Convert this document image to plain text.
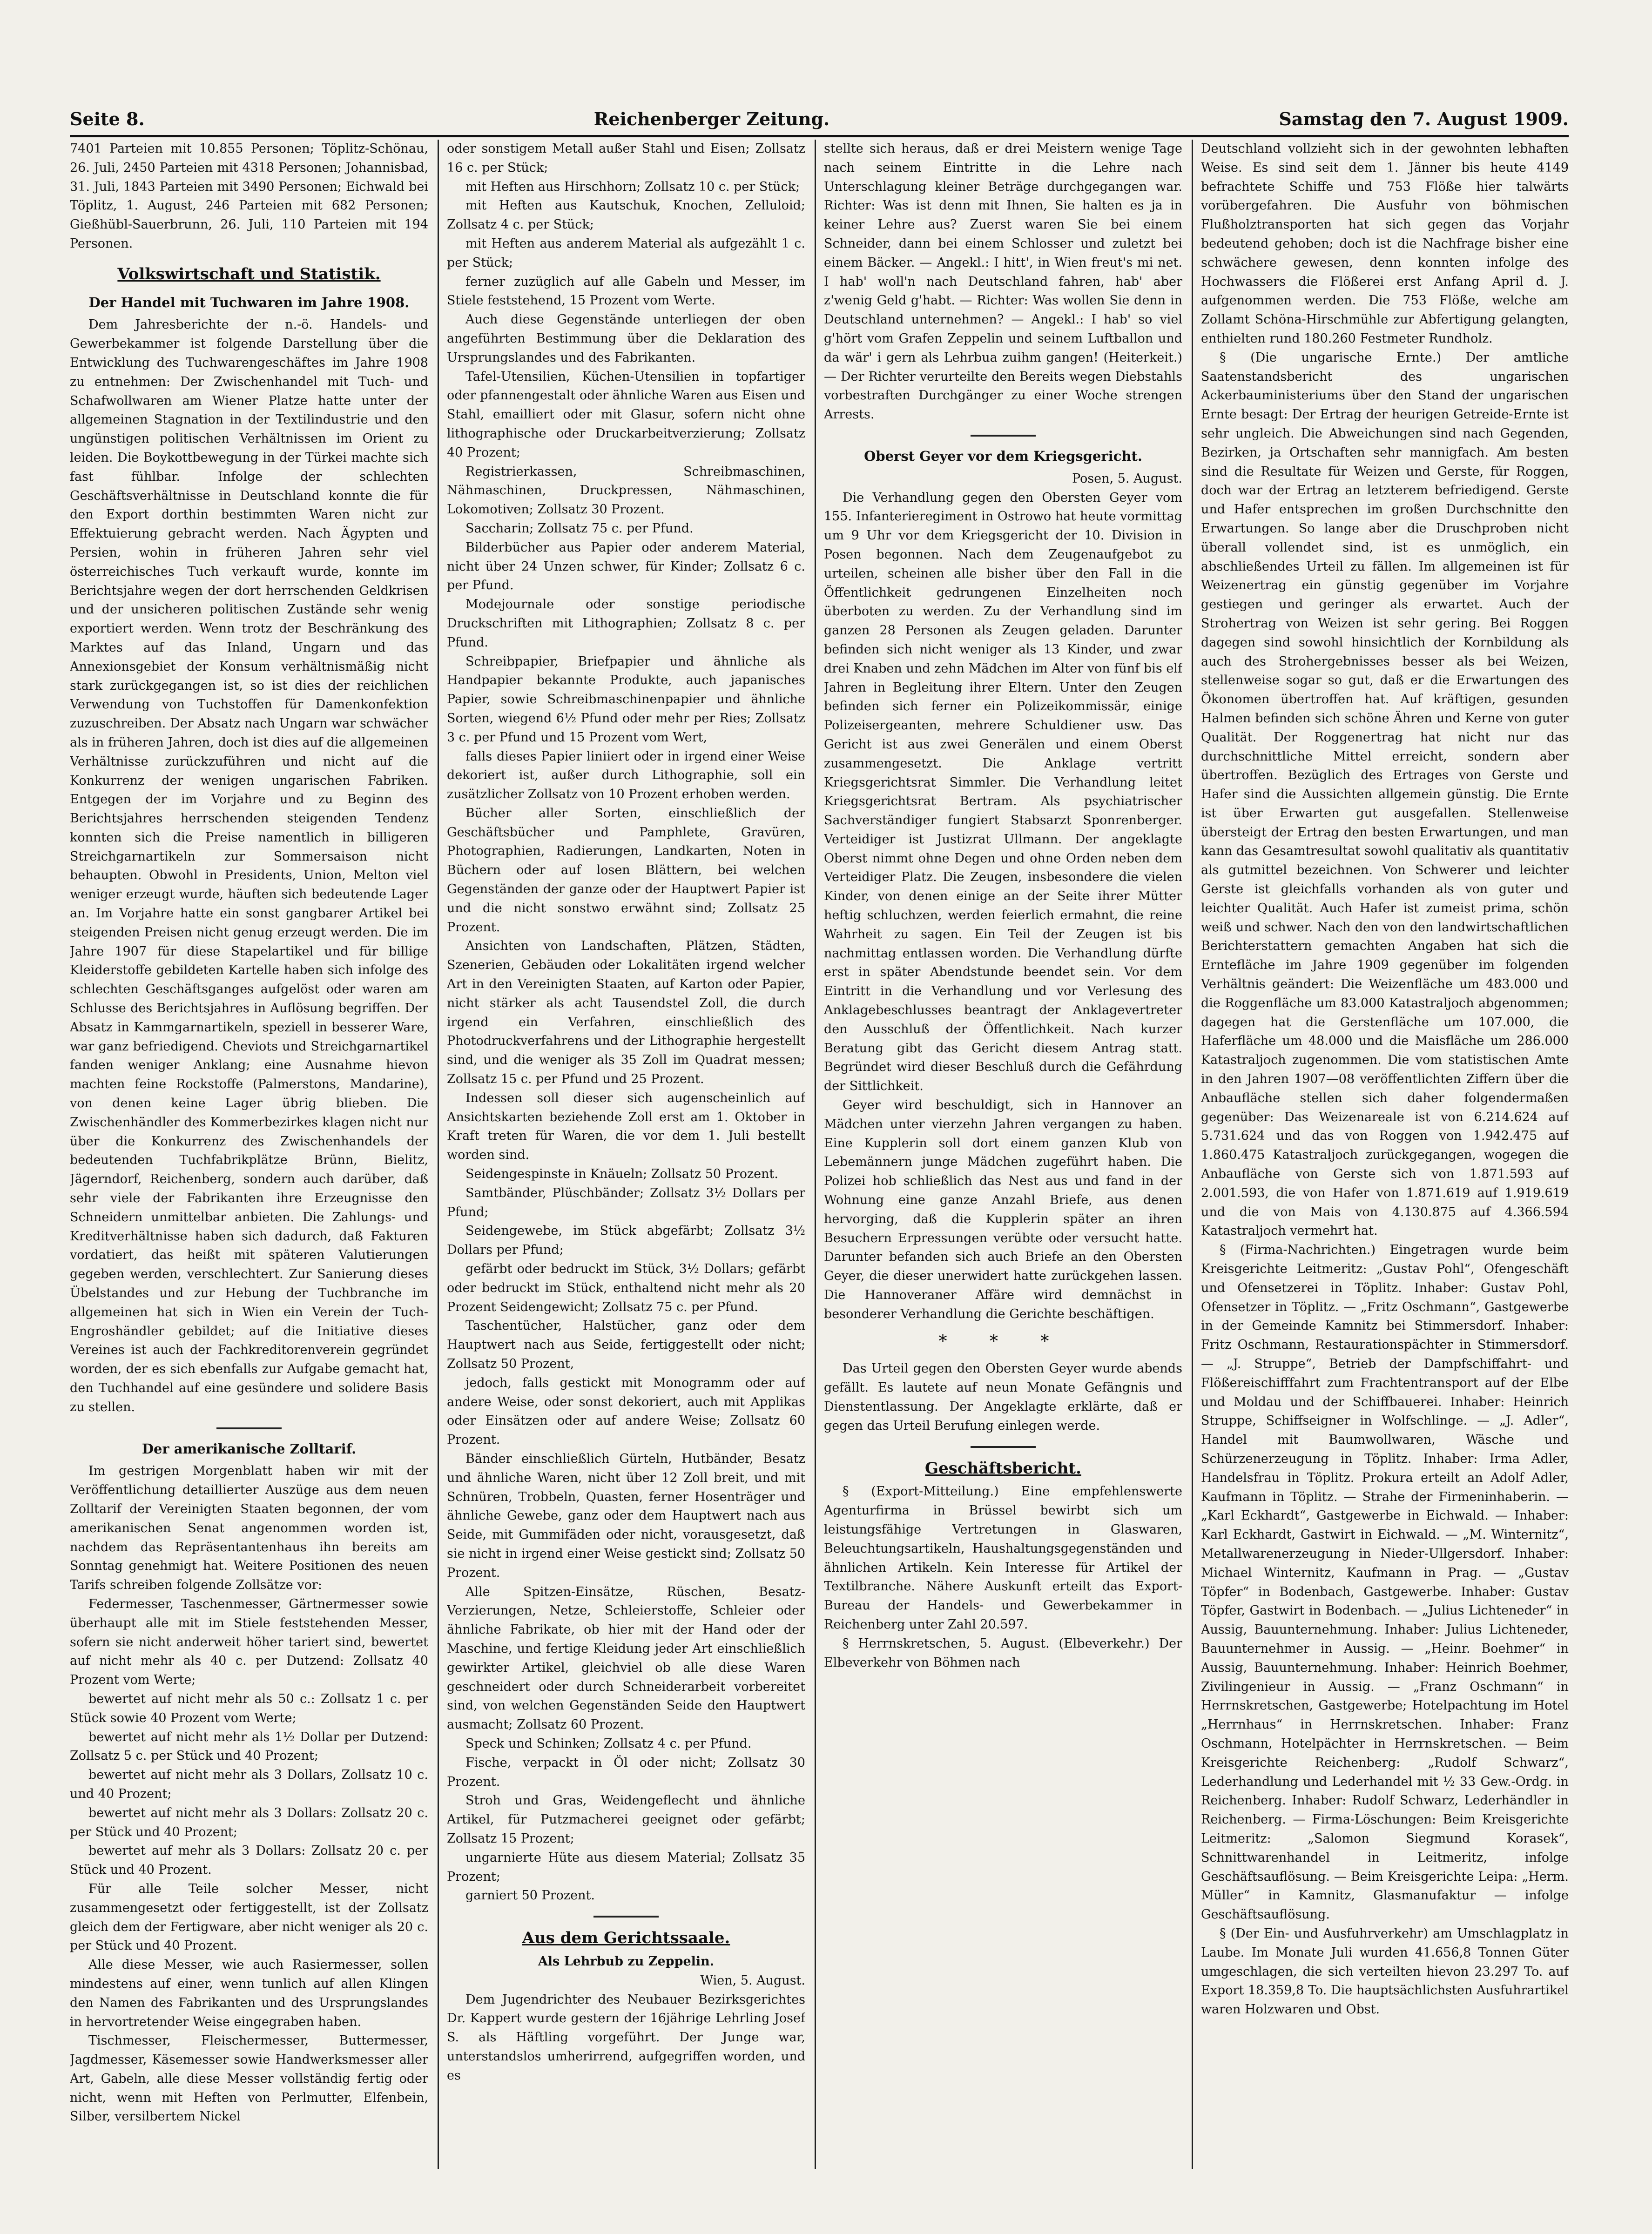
Seite 8.	Reichenberger Zeitung.	Samstag den 7. August 1909.

7401 Parteien mit 10.855 Personen; Töplitz-Schönau, 26. Juli, 2450 Parteien mit 4318 Personen; Johannisbad, 31. Juli, 1843 Parteien mit 3490 Personen; Eichwald bei Töplitz, 1. August, 246 Parteien mit 682 Personen; Gießhübl-Sauerbrunn, 26. Juli, 110 Parteien mit 194 Personen.

Volkswirtschaft und Statistik.
Der Handel mit Tuchwaren im Jahre 1908.

Dem Jahresberichte der n.-ö. Handels- und Gewerbekammer ist folgende Darstellung über die Entwicklung des Tuchwarengeschäftes im Jahre 1908 zu entnehmen: Der Zwischenhandel mit Tuch- und Schafwollwaren am Wiener Platze hatte unter der allgemeinen Stagnation in der Textilindustrie und den ungünstigen politischen Verhältnissen im Orient zu leiden. Die Boykottbewegung in der Türkei machte sich fast fühlbar. Infolge der schlechten Geschäftsverhältnisse in Deutschland konnte die für den Export dorthin bestimmten Waren nicht zur Effektuierung gebracht werden. Nach Ägypten und Persien, wohin in früheren Jahren sehr viel österreichisches Tuch verkauft wurde, konnte im Berichtsjahre wegen der dort herrschenden Geldkrisen und der unsicheren politischen Zustände sehr wenig exportiert werden. Wenn trotz der Beschränkung des Marktes auf das Inland, Ungarn und das Annexionsgebiet der Konsum verhältnismäßig nicht stark zurückgegangen ist, so ist dies der reichlichen Verwendung von Tuchstoffen für Damenkonfektion zuzuschreiben. Der Absatz nach Ungarn war schwächer als in früheren Jahren, doch ist dies auf die allgemeinen Verhältnisse zurückzuführen und nicht auf die Konkurrenz der wenigen ungarischen Fabriken. Entgegen der im Vorjahre und zu Beginn des Berichtsjahres herrschenden steigenden Tendenz konnten sich die Preise namentlich in billigeren Streichgarnartikeln zur Sommersaison nicht behaupten. Obwohl in Presidents, Union, Melton viel weniger erzeugt wurde, häuften sich bedeutende Lager an. Im Vorjahre hatte ein sonst gangbarer Artikel bei steigenden Preisen nicht genug erzeugt werden. Die im Jahre 1907 für diese Stapelartikel und für billige Kleiderstoffe gebildeten Kartelle haben sich infolge des schlechten Geschäftsganges aufgelöst oder waren am Schlusse des Berichtsjahres in Auflösung begriffen. Der Absatz in Kammgarnartikeln, speziell in besserer Ware, war ganz befriedigend. Cheviots und Streichgarnartikel fanden weniger Anklang; eine Ausnahme hievon machten feine Rockstoffe (Palmerstons, Mandarine), von denen keine Lager übrig blieben. Die Zwischenhändler des Kommerbezirkes klagen nicht nur über die Konkurrenz des Zwischenhandels der bedeutenden Tuchfabrikplätze Brünn, Bielitz, Jägerndorf, Reichenberg, sondern auch darüber, daß sehr viele der Fabrikanten ihre Erzeugnisse den Schneidern unmittelbar anbieten. Die Zahlungs- und Kreditverhältnisse haben sich dadurch, daß Fakturen vordatiert, das heißt mit späteren Valutierungen gegeben werden, verschlechtert. Zur Sanierung dieses Übelstandes und zur Hebung der Tuchbranche im allgemeinen hat sich in Wien ein Verein der Tuch-Engroshändler gebildet; auf die Initiative dieses Vereines ist auch der Fachkreditorenverein gegründet worden, der es sich ebenfalls zur Aufgabe gemacht hat, den Tuchhandel auf eine gesündere und solidere Basis zu stellen.

Der amerikanische Zolltarif.

Im gestrigen Morgenblatt haben wir mit der Veröffentlichung detaillierter Auszüge aus dem neuen Zolltarif der Vereinigten Staaten begonnen, der vom amerikanischen Senat angenommen worden ist, nachdem das Repräsentantenhaus ihn bereits am Sonntag genehmigt hat. Weitere Positionen des neuen Tarifs schreiben folgende Zollsätze vor:

Federmesser, Taschenmesser, Gärtnermesser sowie überhaupt alle mit im Stiele feststehenden Messer, sofern sie nicht anderweit höher tariert sind, bewertet auf nicht mehr als 40 c. per Dutzend: Zollsatz 40 Prozent vom Werte;

bewertet auf nicht mehr als 50 c.: Zollsatz 1 c. per Stück sowie 40 Prozent vom Werte;

bewertet auf nicht mehr als 1½ Dollar per Dutzend: Zollsatz 5 c. per Stück und 40 Prozent;

bewertet auf nicht mehr als 3 Dollars, Zollsatz 10 c. und 40 Prozent;

bewertet auf nicht mehr als 3 Dollars: Zollsatz 20 c. per Stück und 40 Prozent;

bewertet auf mehr als 3 Dollars: Zollsatz 20 c. per Stück und 40 Prozent.

Für alle Teile solcher Messer, nicht zusammengesetzt oder fertiggestellt, ist der Zollsatz gleich dem der Fertigware, aber nicht weniger als 20 c. per Stück und 40 Prozent.

Alle diese Messer, wie auch Rasiermesser, sollen mindestens auf einer, wenn tunlich auf allen Klingen den Namen des Fabrikanten und des Ursprungslandes in hervortretender Weise eingegraben haben.

Tischmesser, Fleischermesser, Buttermesser, Jagdmesser, Käsemesser sowie Handwerksmesser aller Art, Gabeln, alle diese Messer vollständig fertig oder nicht, wenn mit Heften von Perlmutter, Elfenbein, Silber, versilbertem Nickel

oder sonstigem Metall außer Stahl und Eisen; Zollsatz 16 c. per Stück;

mit Heften aus Hirschhorn; Zollsatz 10 c. per Stück;

mit Heften aus Kautschuk, Knochen, Zelluloid; Zollsatz 4 c. per Stück;

mit Heften aus anderem Material als aufgezählt 1 c. per Stück;

ferner zuzüglich auf alle Gabeln und Messer, im Stiele feststehend, 15 Prozent vom Werte.

Auch diese Gegenstände unterliegen der oben angeführten Bestimmung über die Deklaration des Ursprungslandes und des Fabrikanten.

Tafel-Utensilien, Küchen-Utensilien in topfartiger oder pfannengestalt oder ähnliche Waren aus Eisen und Stahl, emailliert oder mit Glasur, sofern nicht ohne lithographische oder Druckarbeitverzierung; Zollsatz 40 Prozent;

Registrierkassen, Schreibmaschinen, Nähmaschinen, Druckpressen, Nähmaschinen, Lokomotiven; Zollsatz 30 Prozent.

Saccharin; Zollsatz 75 c. per Pfund.

Bilderbücher aus Papier oder anderem Material, nicht über 24 Unzen schwer, für Kinder; Zollsatz 6 c. per Pfund.

Modejournale oder sonstige periodische Druckschriften mit Lithographien; Zollsatz 8 c. per Pfund.

Schreibpapier, Briefpapier und ähnliche als Handpapier bekannte Produkte, auch japanisches Papier, sowie Schreibmaschinenpapier und ähnliche Sorten, wiegend 6½ Pfund oder mehr per Ries; Zollsatz 3 c. per Pfund und 15 Prozent vom Wert,

falls dieses Papier liniiert oder in irgend einer Weise dekoriert ist, außer durch Lithographie, soll ein zusätzlicher Zollsatz von 10 Prozent erhoben werden.

Bücher aller Sorten, einschließlich der Geschäftsbücher und Pamphlete, Gravüren, Photographien, Radierungen, Landkarten, Noten in Büchern oder auf losen Blättern, bei welchen Gegenständen der ganze oder der Hauptwert Papier ist und die nicht sonstwo erwähnt sind; Zollsatz 25 Prozent.

Ansichten von Landschaften, Plätzen, Städten, Szenerien, Gebäuden oder Lokalitäten irgend welcher Art in den Vereinigten Staaten, auf Karton oder Papier, nicht stärker als acht Tausendstel Zoll, die durch irgend ein Verfahren, einschließlich des Photodruckverfahrens und der Lithographie hergestellt sind, und die weniger als 35 Zoll im Quadrat messen; Zollsatz 15 c. per Pfund und 25 Prozent.

Indessen soll dieser sich augenscheinlich auf Ansichtskarten beziehende Zoll erst am 1. Oktober in Kraft treten für Waren, die vor dem 1. Juli bestellt worden sind.

Seidengespinste in Knäueln; Zollsatz 50 Prozent.

Samtbänder, Plüschbänder; Zollsatz 3½ Dollars per Pfund;

Seidengewebe, im Stück abgefärbt; Zollsatz 3½ Dollars per Pfund;

gefärbt oder bedruckt im Stück, 3½ Dollars; gefärbt oder bedruckt im Stück, enthaltend nicht mehr als 20 Prozent Seidengewicht; Zollsatz 75 c. per Pfund.

Taschentücher, Halstücher, ganz oder dem Hauptwert nach aus Seide, fertiggestellt oder nicht; Zollsatz 50 Prozent,

jedoch, falls gestickt mit Monogramm oder auf andere Weise, oder sonst dekoriert, auch mit Applikas oder Einsätzen oder auf andere Weise; Zollsatz 60 Prozent.

Bänder einschließlich Gürteln, Hutbänder, Besatz und ähnliche Waren, nicht über 12 Zoll breit, und mit Schnüren, Trobbeln, Quasten, ferner Hosenträger und ähnliche Gewebe, ganz oder dem Hauptwert nach aus Seide, mit Gummifäden oder nicht, vorausgesetzt, daß sie nicht in irgend einer Weise gestickt sind; Zollsatz 50 Prozent.

Alle Spitzen-Einsätze, Rüschen, Besatz-Verzierungen, Netze, Schleierstoffe, Schleier oder ähnliche Fabrikate, ob hier mit der Hand oder der Maschine, und fertige Kleidung jeder Art einschließlich gewirkter Artikel, gleichviel ob alle diese Waren geschneidert oder durch Schneiderarbeit vorbereitet sind, von welchen Gegenständen Seide den Hauptwert ausmacht; Zollsatz 60 Prozent.

Speck und Schinken; Zollsatz 4 c. per Pfund.

Fische, verpackt in Öl oder nicht; Zollsatz 30 Prozent.

Stroh und Gras, Weidengeflecht und ähnliche Artikel, für Putzmacherei geeignet oder gefärbt; Zollsatz 15 Prozent;

ungarnierte Hüte aus diesem Material; Zollsatz 35 Prozent;

garniert 50 Prozent.

Aus dem Gerichtssaale.

Als Lehrbub zu Zeppelin.

Wien, 5. August.

Dem Jugendrichter des Neubauer Bezirksgerichtes Dr. Kappert wurde gestern der 16jährige Lehrling Josef S. als Häftling vorgeführt. Der Junge war, unterstandslos umherirrend, aufgegriffen worden, und es

stellte sich heraus, daß er drei Meistern wenige Tage nach seinem Eintritte in die Lehre nach Unterschlagung kleiner Beträge durchgegangen war. Richter: Was ist denn mit Ihnen, Sie halten es ja in keiner Lehre aus? Zuerst waren Sie bei einem Schneider, dann bei einem Schlosser und zuletzt bei einem Bäcker. — Angekl.: I hitt', in Wien freut's mi net. I hab' woll'n nach Deutschland fahren, hab' aber z'wenig Geld g'habt. — Richter: Was wollen Sie denn in Deutschland unternehmen? — Angekl.: I hab' so viel g'hört vom Grafen Zeppelin und seinem Luftballon und da wär' i gern als Lehrbua zuihm gangen! (Heiterkeit.) — Der Richter verurteilte den Bereits wegen Diebstahls vorbestraften Durchgänger zu einer Woche strengen Arrests.

Oberst Geyer vor dem Kriegsgericht.

Posen, 5. August.

Die Verhandlung gegen den Obersten Geyer vom 155. Infanterieregiment in Ostrowo hat heute vormittag um 9 Uhr vor dem Kriegsgericht der 10. Division in Posen begonnen. Nach dem Zeugenaufgebot zu urteilen, scheinen alle bisher über den Fall in die Öffentlichkeit gedrungenen Einzelheiten noch überboten zu werden. Zu der Verhandlung sind im ganzen 28 Personen als Zeugen geladen. Darunter befinden sich nicht weniger als 13 Kinder, und zwar drei Knaben und zehn Mädchen im Alter von fünf bis elf Jahren in Begleitung ihrer Eltern. Unter den Zeugen befinden sich ferner ein Polizeikommissär, einige Polizeisergeanten, mehrere Schuldiener usw. Das Gericht ist aus zwei Generälen und einem Oberst zusammengesetzt. Die Anklage vertritt Kriegsgerichtsrat Simmler. Die Verhandlung leitet Kriegsgerichtsrat Bertram. Als psychiatrischer Sachverständiger fungiert Stabsarzt Sponrenberger. Verteidiger ist Justizrat Ullmann. Der angeklagte Oberst nimmt ohne Degen und ohne Orden neben dem Verteidiger Platz. Die Zeugen, insbesondere die vielen Kinder, von denen einige an der Seite ihrer Mütter heftig schluchzen, werden feierlich ermahnt, die reine Wahrheit zu sagen. Ein Teil der Zeugen ist bis nachmittag entlassen worden. Die Verhandlung dürfte erst in später Abendstunde beendet sein. Vor dem Eintritt in die Verhandlung und vor Verlesung des Anklagebeschlusses beantragt der Anklagevertreter den Ausschluß der Öffentlichkeit. Nach kurzer Beratung gibt das Gericht diesem Antrag statt. Begründet wird dieser Beschluß durch die Gefährdung der Sittlichkeit.

Geyer wird beschuldigt, sich in Hannover an Mädchen unter vierzehn Jahren vergangen zu haben. Eine Kupplerin soll dort einem ganzen Klub von Lebemännern junge Mädchen zugeführt haben. Die Polizei hob schließlich das Nest aus und fand in der Wohnung eine ganze Anzahl Briefe, aus denen hervorging, daß die Kupplerin später an ihren Besuchern Erpressungen verübte oder versucht hatte. Darunter befanden sich auch Briefe an den Obersten Geyer, die dieser unerwidert hatte zurückgehen lassen. Die Hannoveraner Affäre wird demnächst in besonderer Verhandlung die Gerichte beschäftigen.

* * *

Das Urteil gegen den Obersten Geyer wurde abends gefällt. Es lautete auf neun Monate Gefängnis und Dienstentlassung. Der Angeklagte erklärte, daß er gegen das Urteil Berufung einlegen werde.

Geschäftsbericht.

§ (Export-Mitteilung.) Eine empfehlenswerte Agenturfirma in Brüssel bewirbt sich um leistungsfähige Vertretungen in Glaswaren, Beleuchtungsartikeln, Haushaltungsgegenständen und ähnlichen Artikeln. Kein Interesse für Artikel der Textilbranche. Nähere Auskunft erteilt das Export-Bureau der Handels- und Gewerbekammer in Reichenberg unter Zahl 20.597.

§ Herrnskretschen, 5. August. (Elbeverkehr.) Der Elbeverkehr von Böhmen nach

Deutschland vollzieht sich in der gewohnten lebhaften Weise. Es sind seit dem 1. Jänner bis heute 4149 befrachtete Schiffe und 753 Flöße hier talwärts vorübergefahren. Die Ausfuhr von böhmischen Flußholztransporten hat sich gegen das Vorjahr bedeutend gehoben; doch ist die Nachfrage bisher eine schwächere gewesen, denn konnten infolge des Hochwassers die Flößerei erst Anfang April d. J. aufgenommen werden. Die 753 Flöße, welche am Zollamt Schöna-Hirschmühle zur Abfertigung gelangten, enthielten rund 180.260 Festmeter Rundholz.

§ (Die ungarische Ernte.) Der amtliche Saatenstandsbericht des ungarischen Ackerbauministeriums über den Stand der ungarischen Ernte besagt: Der Ertrag der heurigen Getreide-Ernte ist sehr ungleich. Die Abweichungen sind nach Gegenden, Bezirken, ja Ortschaften sehr mannigfach. Am besten sind die Resultate für Weizen und Gerste, für Roggen, doch war der Ertrag an letzterem befriedigend. Gerste und Hafer entsprechen im großen Durchschnitte den Erwartungen. So lange aber die Druschproben nicht überall vollendet sind, ist es unmöglich, ein abschließendes Urteil zu fällen. Im allgemeinen ist für Weizenertrag ein günstig gegenüber im Vorjahre gestiegen und geringer als erwartet. Auch der Strohertrag von Weizen ist sehr gering. Bei Roggen dagegen sind sowohl hinsichtlich der Kornbildung als auch des Strohergebnisses besser als bei Weizen, stellenweise sogar so gut, daß er die Erwartungen des Ökonomen übertroffen hat. Auf kräftigen, gesunden Halmen befinden sich schöne Ähren und Kerne von guter Qualität. Der Roggenertrag hat nicht nur das durchschnittliche Mittel erreicht, sondern aber übertroffen. Bezüglich des Ertrages von Gerste und Hafer sind die Aussichten allgemein günstig. Die Ernte ist über Erwarten gut ausgefallen. Stellenweise übersteigt der Ertrag den besten Erwartungen, und man kann das Gesamtresultat sowohl qualitativ als quantitativ als gutmittel bezeichnen. Von Schwerer und leichter Gerste ist gleichfalls vorhanden als von guter und leichter Qualität. Auch Hafer ist zumeist prima, schön weiß und schwer. Nach den von den landwirtschaftlichen Berichterstattern gemachten Angaben hat sich die Erntefläche im Jahre 1909 gegenüber im folgenden Verhältnis geändert: Die Weizenfläche um 483.000 und die Roggenfläche um 83.000 Katastraljoch abgenommen; dagegen hat die Gerstenfläche um 107.000, die Haferfläche um 48.000 und die Maisfläche um 286.000 Katastraljoch zugenommen. Die vom statistischen Amte in den Jahren 1907—08 veröffentlichten Ziffern über die Anbaufläche stellen sich daher folgendermaßen gegenüber: Das Weizenareale ist von 6.214.624 auf 5.731.624 und das von Roggen von 1.942.475 auf 1.860.475 Katastraljoch zurückgegangen, wogegen die Anbaufläche von Gerste sich von 1.871.593 auf 2.001.593, die von Hafer von 1.871.619 auf 1.919.619 und die von Mais von 4.130.875 auf 4.366.594 Katastraljoch vermehrt hat.

§ (Firma-Nachrichten.) Eingetragen wurde beim Kreisgerichte Leitmeritz: „Gustav Pohl“, Ofengeschäft und Ofensetzerei in Töplitz. Inhaber: Gustav Pohl, Ofensetzer in Töplitz. — „Fritz Oschmann“, Gastgewerbe in der Gemeinde Kamnitz bei Stimmersdorf. Inhaber: Fritz Oschmann, Restaurationspächter in Stimmersdorf. — „J. Struppe“, Betrieb der Dampfschiffahrt- und Flößereischifffahrt zum Frachtentransport auf der Elbe und Moldau und der Schiffbauerei. Inhaber: Heinrich Struppe, Schiffseigner in Wolfschlinge. — „J. Adler“, Handel mit Baumwollwaren, Wäsche und Schürzenerzeugung in Töplitz. Inhaber: Irma Adler, Handelsfrau in Töplitz. Prokura erteilt an Adolf Adler, Kaufmann in Töplitz. — Strahe der Firmeninhaberin. — „Karl Eckhardt“, Gastgewerbe in Eichwald. — Inhaber: Karl Eckhardt, Gastwirt in Eichwald. — „M. Winternitz“, Metallwarenerzeugung in Nieder-Ullgersdorf. Inhaber: Michael Winternitz, Kaufmann in Prag. — „Gustav Töpfer“ in Bodenbach, Gastgewerbe. Inhaber: Gustav Töpfer, Gastwirt in Bodenbach. — „Julius Lichteneder“ in Aussig, Bauunternehmung. Inhaber: Julius Lichteneder, Bauunternehmer in Aussig. — „Heinr. Boehmer“ in Aussig, Bauunternehmung. Inhaber: Heinrich Boehmer, Zivilingenieur in Aussig. — „Franz Oschmann“ in Herrnskretschen, Gastgewerbe; Hotelpachtung im Hotel „Herrnhaus“ in Herrnskretschen. Inhaber: Franz Oschmann, Hotelpächter in Herrnskretschen. — Beim Kreisgerichte Reichenberg: „Rudolf Schwarz“, Lederhandlung und Lederhandel mit ½ 33 Gew.-Ordg. in Reichenberg. Inhaber: Rudolf Schwarz, Lederhändler in Reichenberg. — Firma-Löschungen: Beim Kreisgerichte Leitmeritz: „Salomon Siegmund Korasek“, Schnittwarenhandel in Leitmeritz, infolge Geschäftsauflösung. — Beim Kreisgerichte Leipa: „Herm. Müller“ in Kamnitz, Glasmanufaktur — infolge Geschäftsauflösung.

§ (Der Ein- und Ausfuhrverkehr) am Umschlagplatz in Laube. Im Monate Juli wurden 41.656,8 Tonnen Güter umgeschlagen, die sich verteilten hievon 23.297 To. auf Export 18.359,8 To. Die hauptsächlichsten Ausfuhrartikel waren Holzwaren und Obst.
